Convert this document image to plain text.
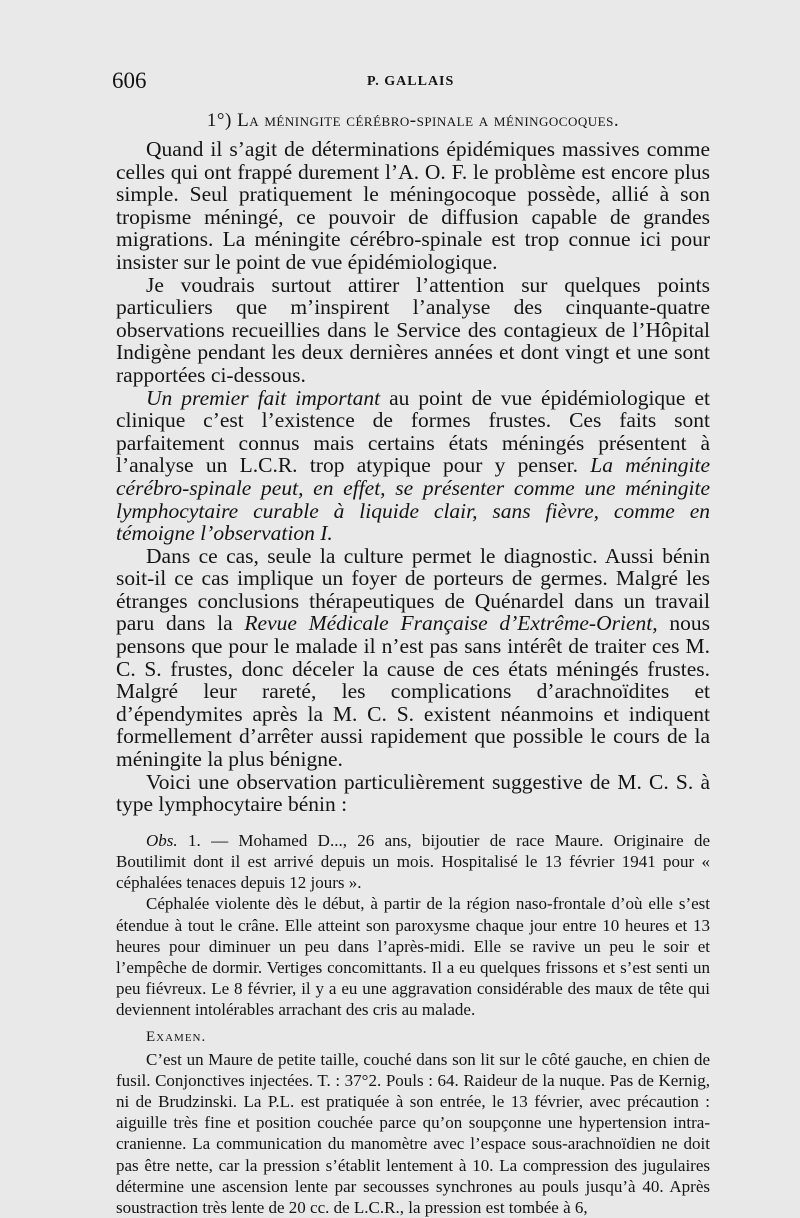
606	P. GALLAIS
1°) La méningite cérébro-spinale a méningocoques.

Quand il s’agit de déterminations épidémiques massives comme celles qui ont frappé durement l’A. O. F. le problème est encore plus simple. Seul pratiquement le méningocoque possède, allié à son tropisme méningé, ce pouvoir de diffusion capable de grandes migrations. La méningite cérébro-spinale est trop connue ici pour insister sur le point de vue épidémiologique.

Je voudrais surtout attirer l’attention sur quelques points particuliers que m’inspirent l’analyse des cinquante-quatre observations recueillies dans le Service des contagieux de l’Hôpital Indigène pendant les deux dernières années et dont vingt et une sont rapportées ci-dessous.

Un premier fait important au point de vue épidémiologique et clinique c’est l’existence de formes frustes. Ces faits sont parfaitement connus mais certains états méningés présentent à l’analyse un L.C.R. trop atypique pour y penser. La méningite cérébro-spinale peut, en effet, se présenter comme une méningite lymphocytaire curable à liquide clair, sans fièvre, comme en témoigne l’observation I.

Dans ce cas, seule la culture permet le diagnostic. Aussi bénin soit-il ce cas implique un foyer de porteurs de germes. Malgré les étranges conclusions thérapeutiques de Quénardel dans un travail paru dans la Revue Médicale Française d’Extrême-Orient, nous pensons que pour le malade il n’est pas sans intérêt de traiter ces M. C. S. frustes, donc déceler la cause de ces états méningés frustes. Malgré leur rareté, les complications d’arachnoïdites et d’épendymites après la M. C. S. existent néanmoins et indiquent formellement d’arrêter aussi rapidement que possible le cours de la méningite la plus bénigne.

Voici une observation particulièrement suggestive de M. C. S. à type lymphocytaire bénin :

Obs. 1. — Mohamed D..., 26 ans, bijoutier de race Maure. Originaire de Boutilimit dont il est arrivé depuis un mois. Hospitalisé le 13 février 1941 pour « céphalées tenaces depuis 12 jours ».

Céphalée violente dès le début, à partir de la région naso-frontale d’où elle s’est étendue à tout le crâne. Elle atteint son paroxysme chaque jour entre 10 heures et 13 heures pour diminuer un peu dans l’après-midi. Elle se ravive un peu le soir et l’empêche de dormir. Vertiges concomittants. Il a eu quelques frissons et s’est senti un peu fiévreux. Le 8 février, il y a eu une aggravation considérable des maux de tête qui deviennent intolérables arrachant des cris au malade.

Examen.

C’est un Maure de petite taille, couché dans son lit sur le côté gauche, en chien de fusil. Conjonctives injectées. T. : 37°2. Pouls : 64. Raideur de la nuque. Pas de Kernig, ni de Brudzinski. La P.L. est pratiquée à son entrée, le 13 février, avec précaution : aiguille très fine et position couchée parce qu’on soupçonne une hypertension intra-cranienne. La communication du manomètre avec l’espace sous-arachnoïdien ne doit pas être nette, car la pression s’établit lentement à 10. La compression des jugulaires détermine une ascension lente par secousses synchrones au pouls jusqu’à 40. Après soustraction très lente de 20 cc. de L.C.R., la pression est tombée à 6,
